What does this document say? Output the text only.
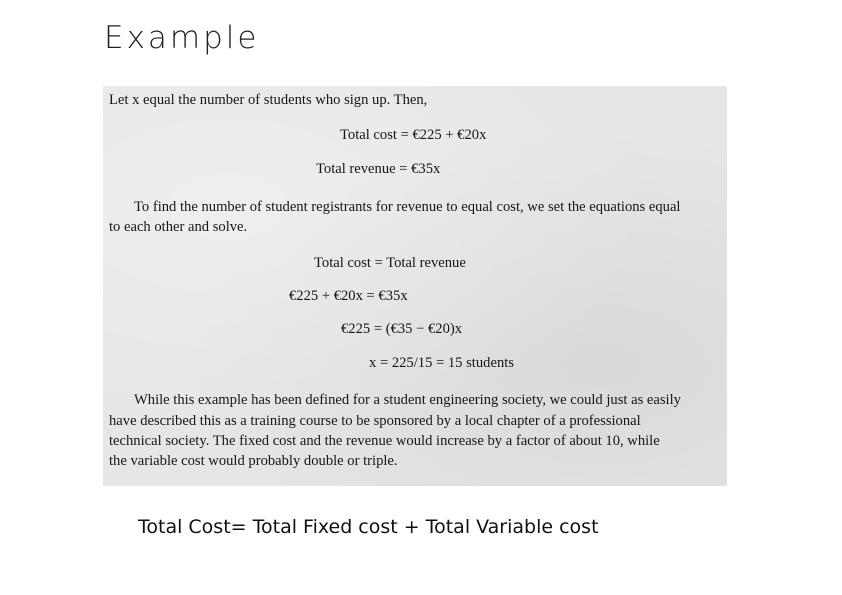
Example
Let x equal the number of students who sign up. Then,
Total cost = €225 + €20x
Total revenue = €35x
To find the number of student registrants for revenue to equal cost, we set the equations equal
to each other and solve.
Total cost = Total revenue
€225 + €20x = €35x
€225 = (€35 − €20)x
x = 225/15 = 15 students
While this example has been defined for a student engineering society, we could just as easily
have described this as a training course to be sponsored by a local chapter of a professional
technical society. The fixed cost and the revenue would increase by a factor of about 10, while
the variable cost would probably double or triple.
Total Cost= Total Fixed cost + Total Variable cost
